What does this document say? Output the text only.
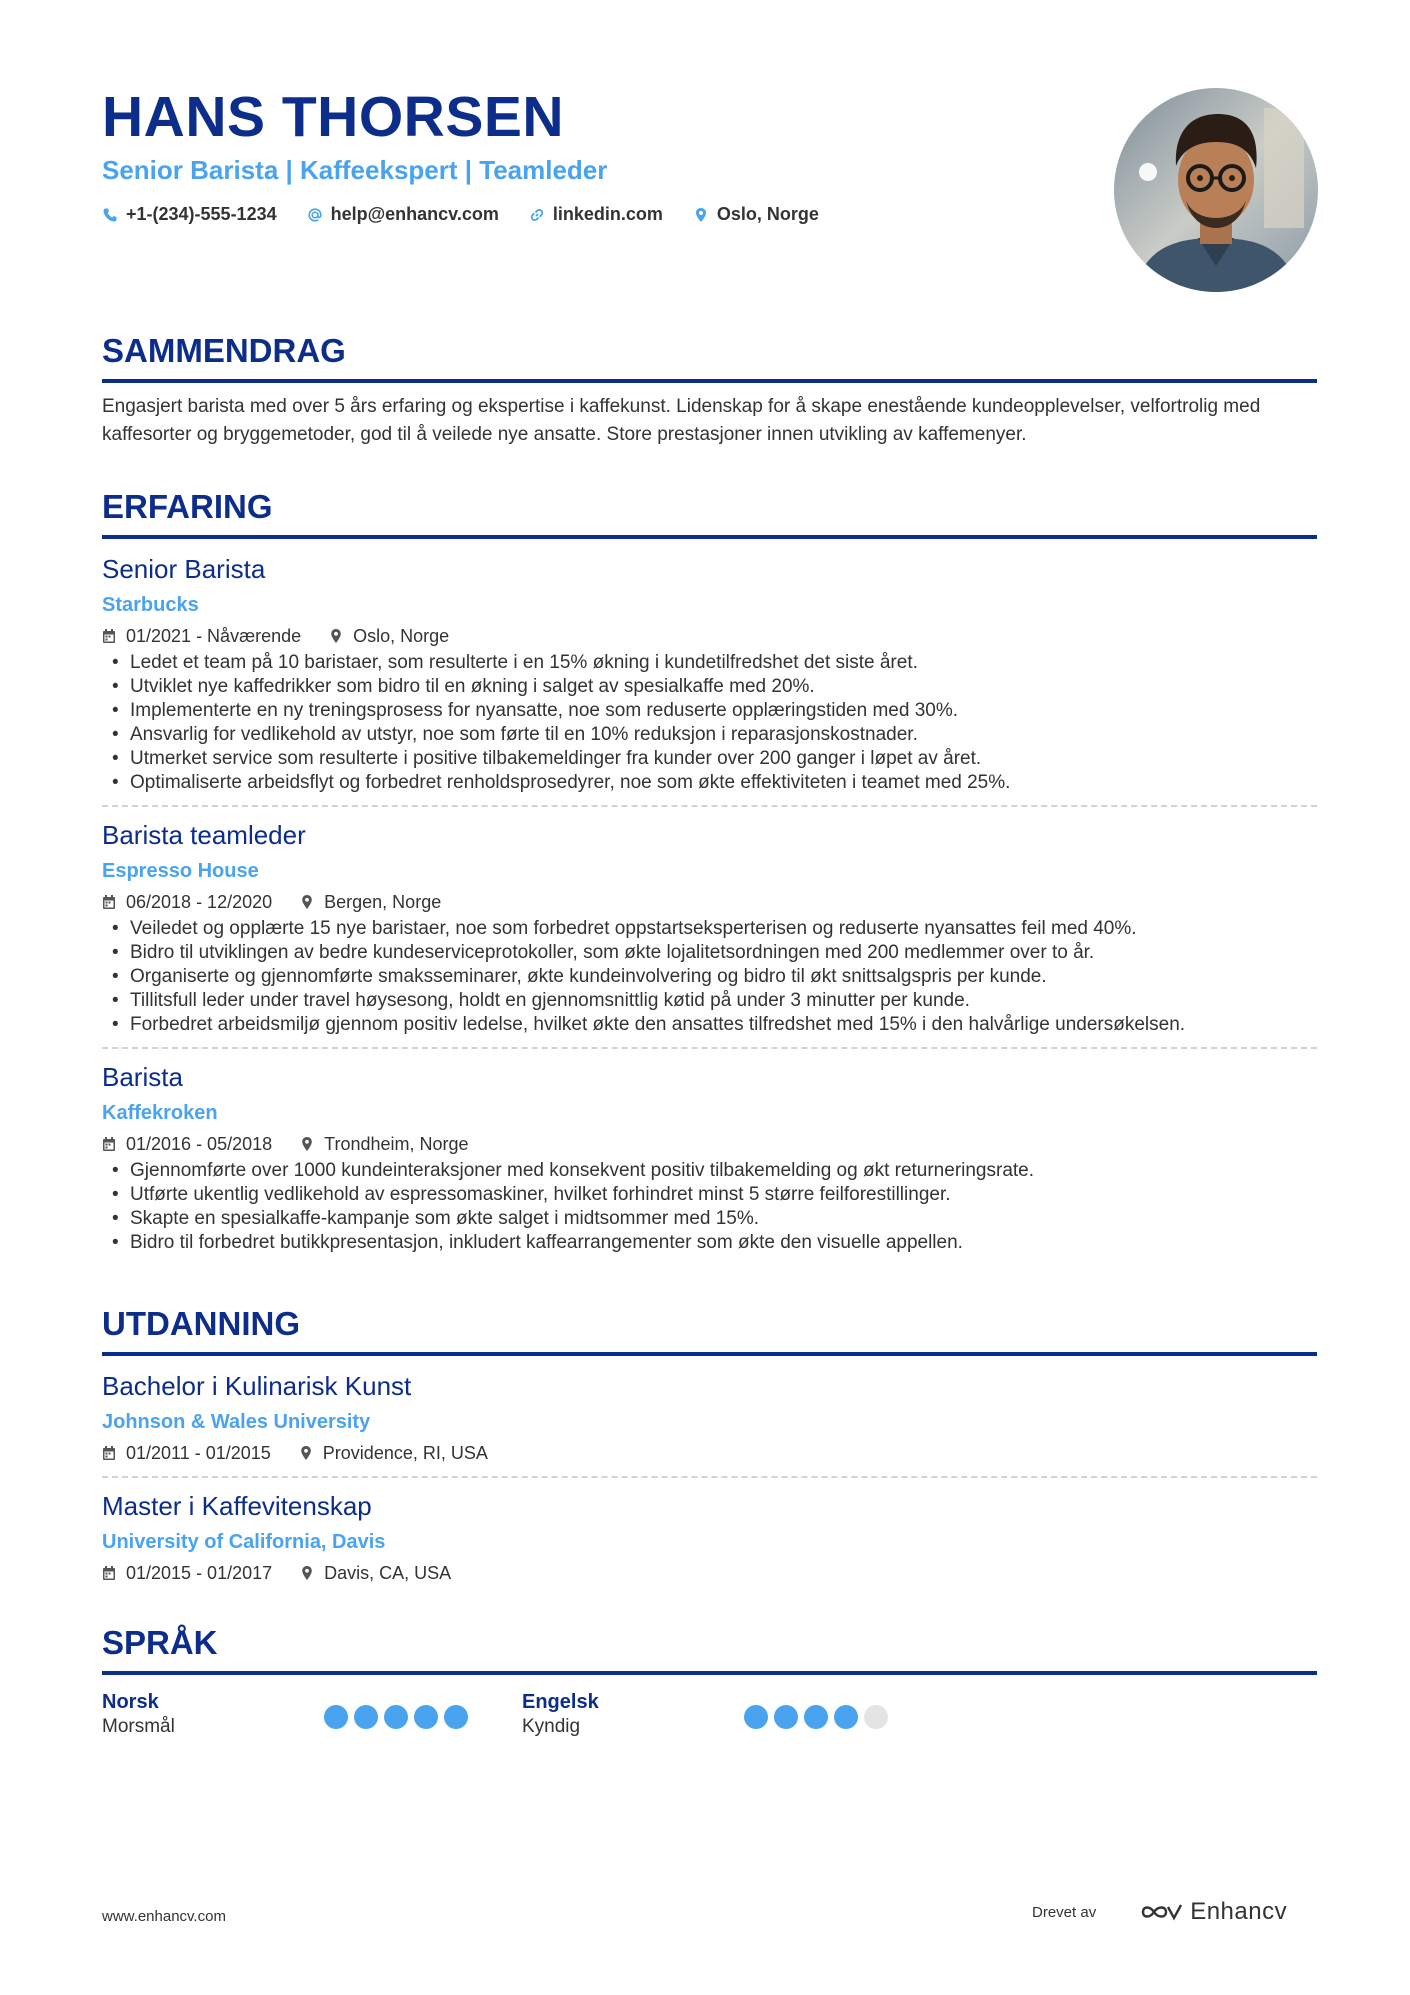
HANS THORSEN
Senior Barista | Kaffeekspert | Teamleder
+1-(234)-555-1234	help@enhancv.com	linkedin.com	Oslo, Norge
SAMMENDRAG
Engasjert barista med over 5 års erfaring og ekspertise i kaffekunst. Lidenskap for å skape enestående kundeopplevelser, velfortrolig med kaffesorter og bryggemetoder, god til å veilede nye ansatte. Store prestasjoner innen utvikling av kaffemenyer.
ERFARING
Senior Barista
Starbucks
01/2021 - Nåværende	Oslo, Norge
• Ledet et team på 10 baristaer, som resulterte i en 15% økning i kundetilfredshet det siste året.
• Utviklet nye kaffedrikker som bidro til en økning i salget av spesialkaffe med 20%.
• Implementerte en ny treningsprosess for nyansatte, noe som reduserte opplæringstiden med 30%.
• Ansvarlig for vedlikehold av utstyr, noe som førte til en 10% reduksjon i reparasjonskostnader.
• Utmerket service som resulterte i positive tilbakemeldinger fra kunder over 200 ganger i løpet av året.
• Optimaliserte arbeidsflyt og forbedret renholdsprosedyrer, noe som økte effektiviteten i teamet med 25%.
Barista teamleder
Espresso House
06/2018 - 12/2020	Bergen, Norge
• Veiledet og opplærte 15 nye baristaer, noe som forbedret oppstartseksperterisen og reduserte nyansattes feil med 40%.
• Bidro til utviklingen av bedre kundeserviceprotokoller, som økte lojalitetsordningen med 200 medlemmer over to år.
• Organiserte og gjennomførte smaksseminarer, økte kundeinvolvering og bidro til økt snittsalgspris per kunde.
• Tillitsfull leder under travel høysesong, holdt en gjennomsnittlig køtid på under 3 minutter per kunde.
• Forbedret arbeidsmiljø gjennom positiv ledelse, hvilket økte den ansattes tilfredshet med 15% i den halvårlige undersøkelsen.
Barista
Kaffekroken
01/2016 - 05/2018	Trondheim, Norge
• Gjennomførte over 1000 kundeinteraksjoner med konsekvent positiv tilbakemelding og økt returneringsrate.
• Utførte ukentlig vedlikehold av espressomaskiner, hvilket forhindret minst 5 større feilforestillinger.
• Skapte en spesialkaffe-kampanje som økte salget i midtsommer med 15%.
• Bidro til forbedret butikkpresentasjon, inkludert kaffearrangementer som økte den visuelle appellen.
UTDANNING
Bachelor i Kulinarisk Kunst
Johnson & Wales University
01/2011 - 01/2015	Providence, RI, USA
Master i Kaffevitenskap
University of California, Davis
01/2015 - 01/2017	Davis, CA, USA
SPRÅK
Norsk
Morsmål
Engelsk
Kyndig
www.enhancv.com	Drevet av	Enhancv
